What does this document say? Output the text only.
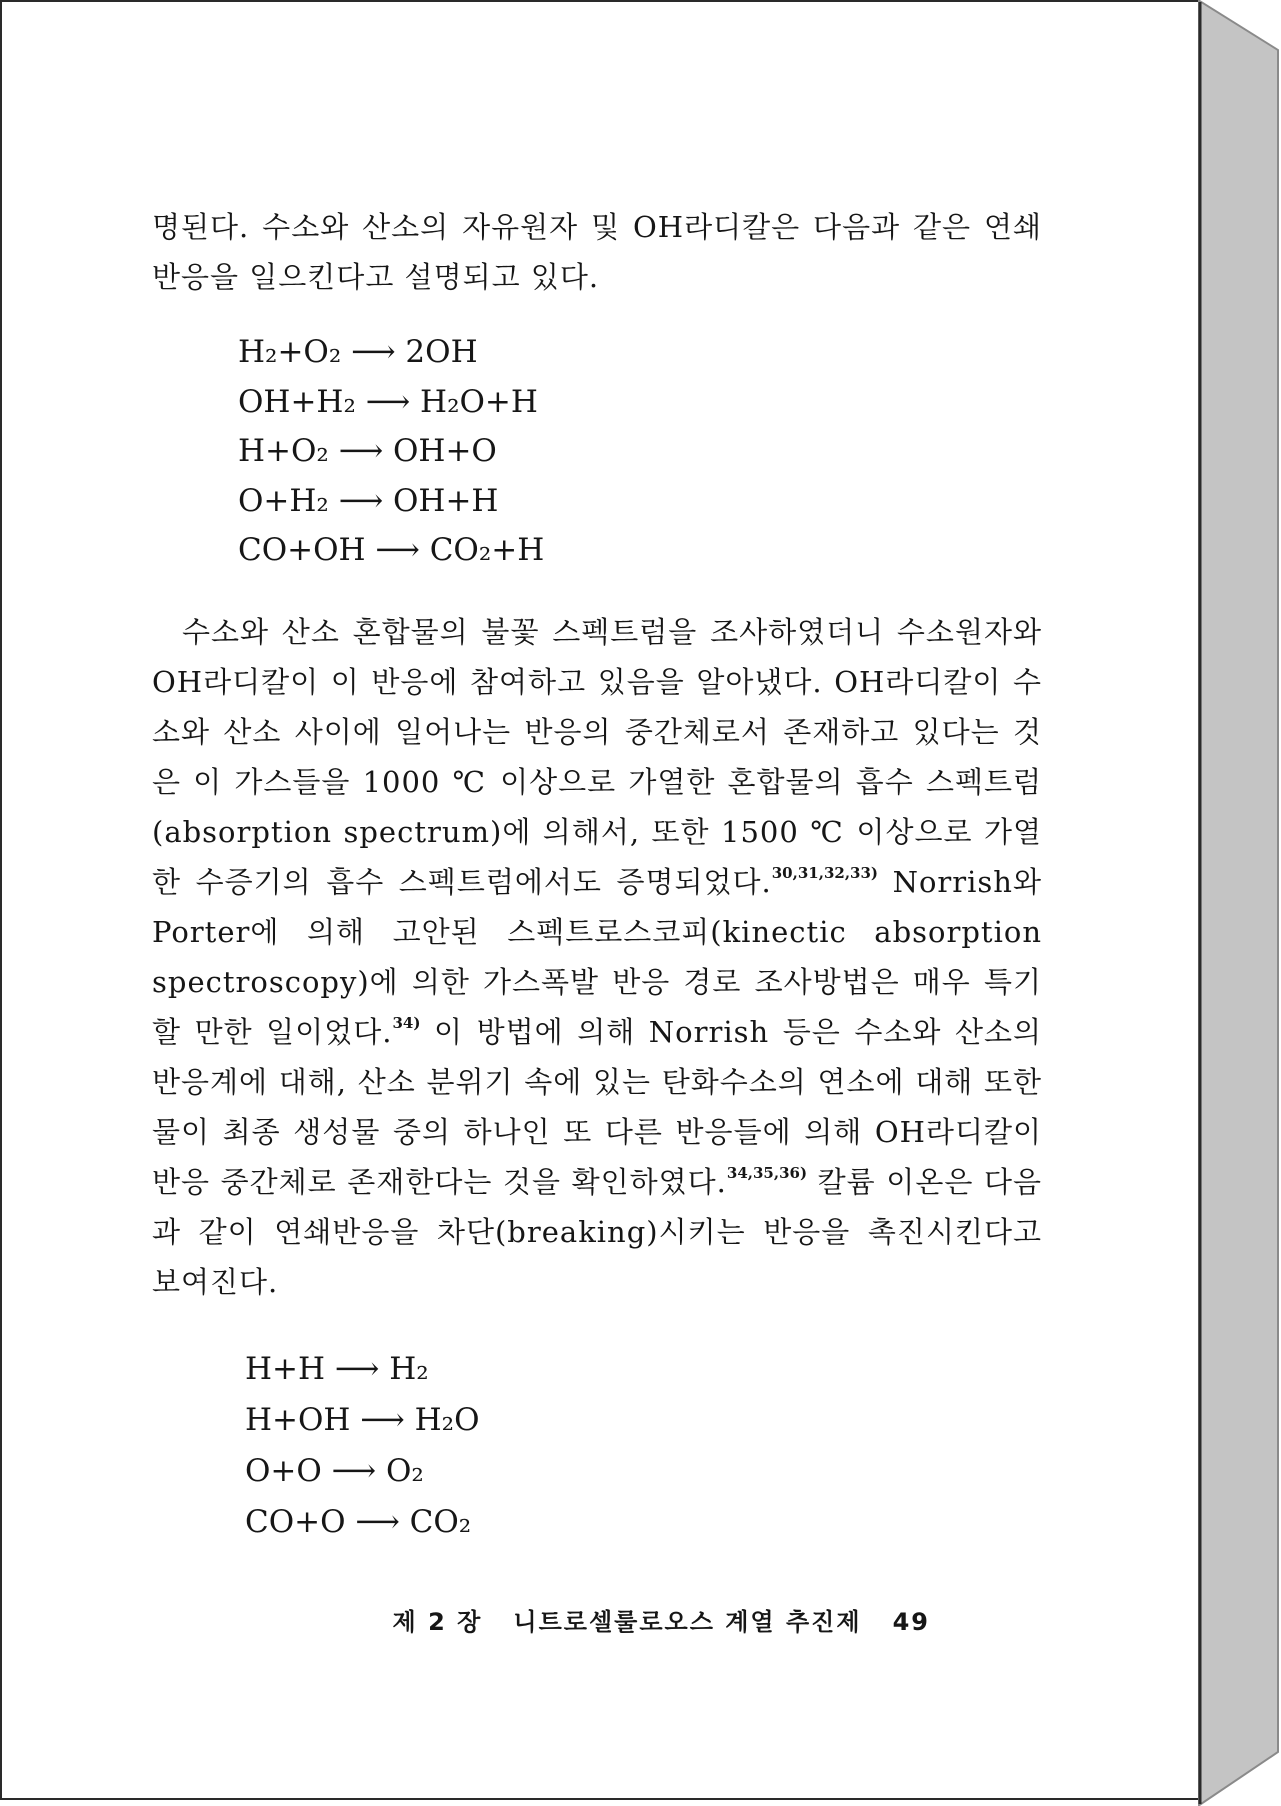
명된다. 수소와 산소의 자유원자 및 OH라디칼은 다음과 같은 연쇄반응을 일으킨다고 설명되고 있다.

H₂+O₂ ⟶ 2OH
OH+H₂ ⟶ H₂O+H
H+O₂ ⟶ OH+O
O+H₂ ⟶ OH+H
CO+OH ⟶ CO₂+H

수소와 산소 혼합물의 불꽃 스펙트럼을 조사하였더니 수소원자와 OH라디칼이 이 반응에 참여하고 있음을 알아냈다. OH라디칼이 수소와 산소 사이에 일어나는 반응의 중간체로서 존재하고 있다는 것은 이 가스들을 1000 ℃ 이상으로 가열한 혼합물의 흡수 스펙트럼(absorption spectrum)에 의해서, 또한 1500 ℃ 이상으로 가열한 수증기의 흡수 스펙트럼에서도 증명되었다.$^{30,31,32,33)}$ Norrish와 Porter에 의해 고안된 스펙트로스코피(kinectic absorption spectroscopy)에 의한 가스폭발 반응 경로 조사방법은 매우 특기할 만한 일이었다.$^{34)}$ 이 방법에 의해 Norrish 등은 수소와 산소의 반응계에 대해, 산소 분위기 속에 있는 탄화수소의 연소에 대해 또한 물이 최종 생성물 중의 하나인 또 다른 반응들에 의해 OH라디칼이 반응 중간체로 존재한다는 것을 확인하였다.$^{34,35,36)}$ 칼륨 이온은 다음과 같이 연쇄반응을 차단(breaking)시키는 반응을 촉진시킨다고 보여진다.

H+H ⟶ H₂
H+OH ⟶ H₂O
O+O ⟶ O₂
CO+O ⟶ CO₂
제 2 장 니트로셀룰로오스 계열 추진제 49
